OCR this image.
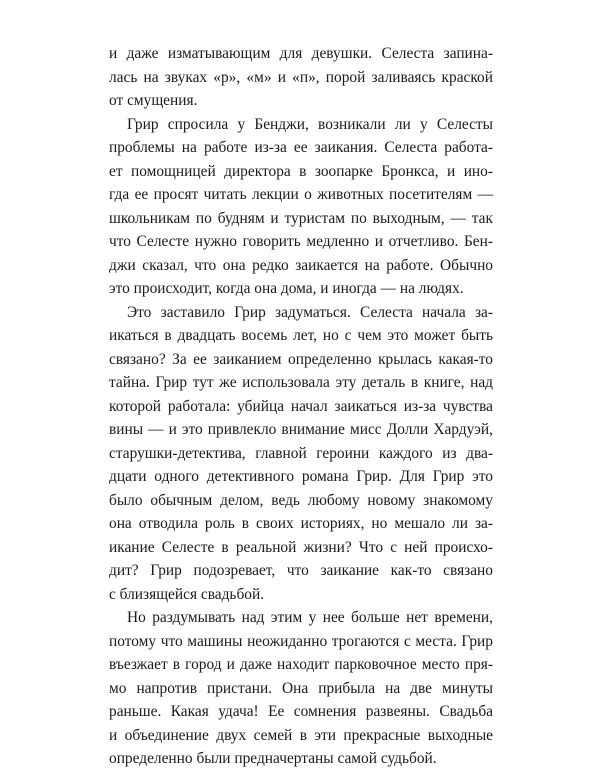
и даже изматывающим для девушки. Селеста запина-
лась на звуках «р», «м» и «п», порой заливаясь краской
от смущения.
Грир спросила у Бенджи, возникали ли у Селесты
проблемы на работе из-за ее заикания. Селеста работа-
ет помощницей директора в зоопарке Бронкса, и ино-
гда ее просят читать лекции о животных посетителям —
школьникам по будням и туристам по выходным, — так
что Селесте нужно говорить медленно и отчетливо. Бен-
джи сказал, что она редко заикается на работе. Обычно
это происходит, когда она дома, и иногда — на людях.
Это заставило Грир задуматься. Селеста начала за-
икаться в двадцать восемь лет, но с чем это может быть
связано? За ее заиканием определенно крылась какая-то
тайна. Грир тут же использовала эту деталь в книге, над
которой работала: убийца начал заикаться из-за чувства
вины — и это привлекло внимание мисс Долли Хардуэй,
старушки-детектива, главной героини каждого из два-
дцати одного детективного романа Грир. Для Грир это
было обычным делом, ведь любому новому знакомому
она отводила роль в своих историях, но мешало ли за-
икание Селесте в реальной жизни? Что с ней происхо-
дит? Грир подозревает, что заикание как-то связано
с близящейся свадьбой.
Но раздумывать над этим у нее больше нет времени,
потому что машины неожиданно трогаются с места. Грир
въезжает в город и даже находит парковочное место пря-
мо напротив пристани. Она прибыла на две минуты
раньше. Какая удача! Ее сомнения развеяны. Свадьба
и объединение двух семей в эти прекрасные выходные
определенно были предначертаны самой судьбой.
